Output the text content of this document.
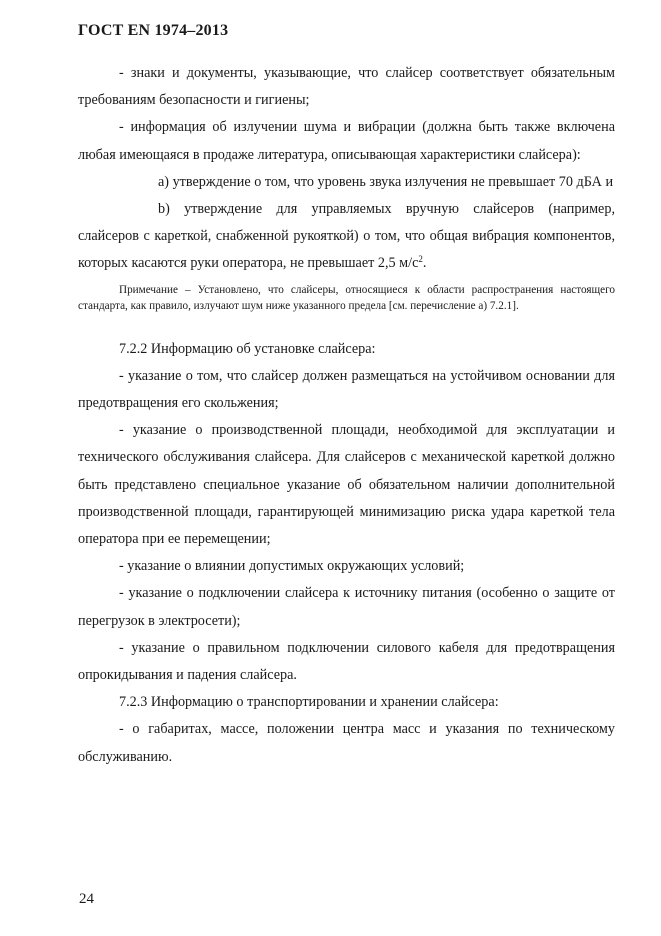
ГОСТ EN 1974–2013

- знаки и документы, указывающие, что слайсер соответствует обязательным требованиям безопасности и гигиены;

- информация об излучении шума и вибрации (должна быть также включена любая имеющаяся в продаже литература, описывающая характеристики слайсера):

а) утверждение о том, что уровень звука излучения не превышает 70 дБА и

b) утверждение для управляемых вручную слайсеров (например, слайсеров с кареткой, снабженной рукояткой) о том, что общая вибрация компонентов, которых касаются руки оператора, не превышает 2,5 $м/с^2$.

Примечание – Установлено, что слайсеры, относящиеся к области распространения настоящего стандарта, как правило, излучают шум ниже указанного предела [см. перечисление а) 7.2.1].

7.2.2 Информацию об установке слайсера:

- указание о том, что слайсер должен размещаться на устойчивом основании для предотвращения его скольжения;

- указание о производственной площади, необходимой для эксплуатации и технического обслуживания слайсера. Для слайсеров с механической кареткой должно быть представлено специальное указание об обязательном наличии дополнительной производственной площади, гарантирующей минимизацию риска удара кареткой тела оператора при ее перемещении;

- указание о влиянии допустимых окружающих условий;

- указание о подключении слайсера к источнику питания (особенно о защите от перегрузок в электросети);

- указание о правильном подключении силового кабеля для предотвращения опрокидывания и падения слайсера.

7.2.3 Информацию о транспортировании и хранении слайсера:

- о габаритах, массе, положении центра масс и указания по техническому обслуживанию.

24
